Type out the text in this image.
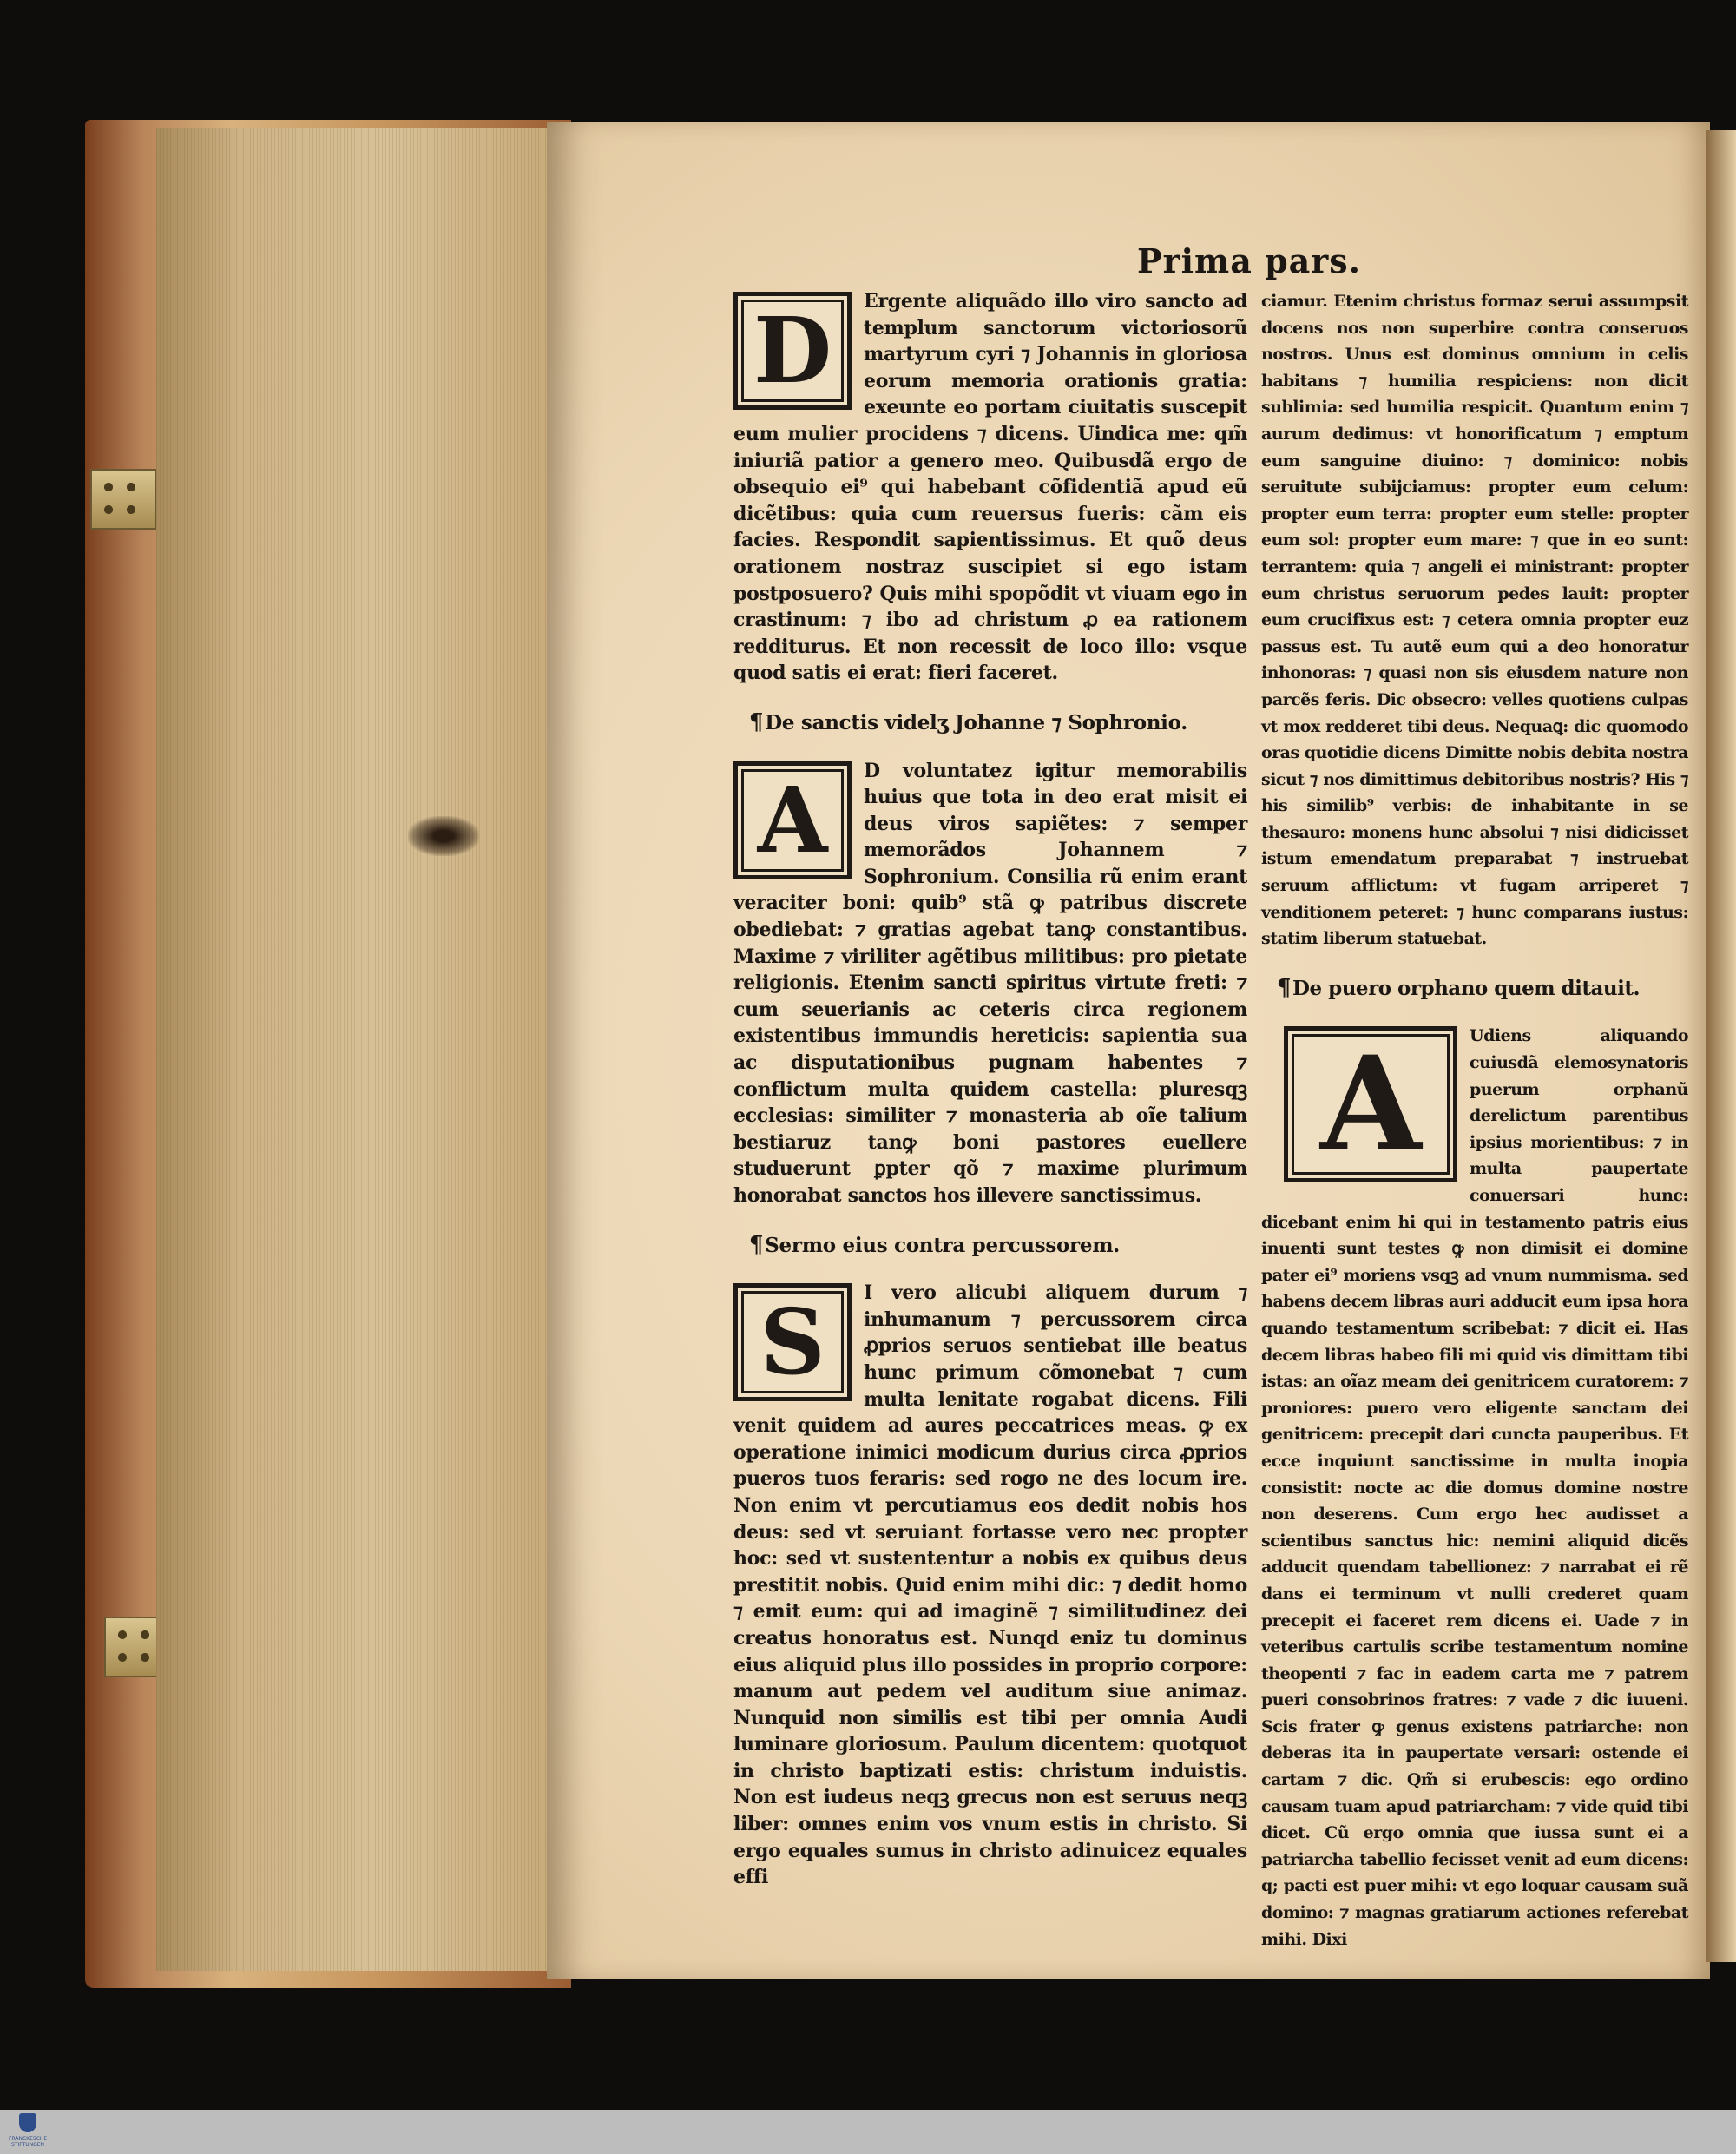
Prima pars.

D	Ergente aliquãdo illo viro sancto ad templum sanctorum victoriosorũ martyrum cyri ⁊ Johannis in gloriosa eorum memoria orationis gratia: exeunte eo portam ciuitatis suscepit eum mulier procidens ⁊ dicens. Uindica me: qm̃ iniuriã patior a genero meo. Quibusdã ergo de obsequio ei⁹ qui habebant cõfidentiã apud eũ dicẽtibus: quia cum reuersus fueris: cãm eis facies. Respondit sapientissimus. Et quõ deus orationem nostraz suscipiet si ego istam postposuero? Quis mihi spopõdit vt viuam ego in crastinum: ⁊ ibo ad christum ꝓ ea rationem redditurus. Et non recessit de loco illo: vsque quod satis ei erat: fieri faceret.

¶De sanctis videlʒ Johanne ⁊ Sophronio.

A	D voluntatez igitur memorabilis huius que tota in deo erat misit ei deus viros sapiẽtes: ⁊ semper memorãdos Johannem ⁊ Sophronium. Consilia rũ enim erant veraciter boni: quib⁹ stã ꝙ patribus discrete obediebat: ⁊ gratias agebat tanꝙ constantibus. Maxime ⁊ viriliter agẽtibus militibus: pro pietate religionis. Etenim sancti spiritus virtute freti: ⁊ cum seuerianis ac ceteris circa regionem existentibus immundis hereticis: sapientia sua ac disputationibus pugnam habentes ⁊ conflictum multa quidem castella: pluresqꝫ ecclesias: similiter ⁊ monasteria ab oĩe talium bestiaruz tanꝙ boni pastores euellere studuerunt ꝑpter qõ ⁊ maxime plurimum honorabat sanctos hos illevere sanctissimus.

¶Sermo eius contra percussorem.

S	I vero alicubi aliquem durum ⁊ inhumanum ⁊ percussorem circa ꝓprios seruos sentiebat ille beatus hunc primum cõmonebat ⁊ cum multa lenitate rogabat dicens. Fili venit quidem ad aures peccatrices meas. ꝙ ex operatione inimici modicum durius circa ꝓprios pueros tuos feraris: sed rogo ne des locum ire. Non enim vt percutiamus eos dedit nobis hos deus: sed vt seruiant fortasse vero nec propter hoc: sed vt sustententur a nobis ex quibus deus prestitit nobis. Quid enim mihi dic: ⁊ dedit homo ⁊ emit eum: qui ad imaginẽ ⁊ similitudinez dei creatus honoratus est. Nunqd eniz tu dominus eius aliquid plus illo possides in proprio corpore: manum aut pedem vel auditum siue animaz. Nunquid non similis est tibi per omnia Audi luminare gloriosum. Paulum dicentem: quotquot in christo baptizati estis: christum induistis. Non est iudeus neqꝫ grecus non est seruus neqꝫ liber: omnes enim vos vnum estis in christo. Si ergo equales sumus in christo adinuicez equales effi

ciamur. Etenim christus formaz serui assumpsit docens nos non superbire contra conseruos nostros. Unus est dominus omnium in celis habitans ⁊ humilia respiciens: non dicit sublimia: sed humilia respicit. Quantum enim ⁊ aurum dedimus: vt honorificatum ⁊ emptum eum sanguine diuino: ⁊ dominico: nobis seruitute subijciamus: propter eum celum: propter eum terra: propter eum stelle: propter eum sol: propter eum mare: ⁊ que in eo sunt: terrantem: quia ⁊ angeli ei ministrant: propter eum christus seruorum pedes lauit: propter eum crucifixus est: ⁊ cetera omnia propter euz passus est. Tu autẽ eum qui a deo honoratur inhonoras: ⁊ quasi non sis eiusdem nature non parcẽs feris. Dic obsecro: velles quotiens culpas vt mox redderet tibi deus. Nequaꝗ: dic quomodo oras quotidie dicens Dimitte nobis debita nostra sicut ⁊ nos dimittimus debitoribus nostris? His ⁊ his similib⁹ verbis: de inhabitante in se thesauro: monens hunc absolui ⁊ nisi didicisset istum emendatum preparabat ⁊ instruebat seruum afflictum: vt fugam arriperet ⁊ venditionem peteret: ⁊ hunc comparans iustus: statim liberum statuebat.

¶De puero orphano quem ditauit.

A	Udiens aliquando cuiusdã elemosynatoris puerum orphanũ derelictum parentibus ipsius morientibus: ⁊ in multa paupertate conuersari hunc: dicebant enim hi qui in testamento patris eius inuenti sunt testes ꝙ non dimisit ei domine pater ei⁹ moriens vsqꝫ ad vnum nummisma. sed habens decem libras auri adducit eum ipsa hora quando testamentum scribebat: ⁊ dicit ei. Has decem libras habeo fili mi quid vis dimittam tibi istas: an oĩaz meam dei genitricem curatorem: ⁊ proniores: puero vero eligente sanctam dei genitricem: precepit dari cuncta pauperibus. Et ecce inquiunt sanctissime in multa inopia consistit: nocte ac die domus domine nostre non deserens. Cum ergo hec audisset a scientibus sanctus hic: nemini aliquid dicẽs adducit quendam tabellionez: ⁊ narrabat ei rẽ dans ei terminum vt nulli crederet quam precepit ei faceret rem dicens ei. Uade ⁊ in veteribus cartulis scribe testamentum nomine theopenti ⁊ fac in eadem carta me ⁊ patrem pueri consobrinos fratres: ⁊ vade ⁊ dic iuueni. Scis frater ꝙ genus existens patriarche: non deberas ita in paupertate versari: ostende ei cartam ⁊ dic. Qm̃ si erubescis: ego ordino causam tuam apud patriarcham: ⁊ vide quid tibi dicet. Cũ ergo omnia que iussa sunt ei a patriarcha tabellio fecisset venit ad eum dicens: q; pacti est puer mihi: vt ego loquar causam suã domino: ⁊ magnas gratiarum actiones referebat mihi. Dixi

FRANCKESCHE STIFTUNGEN
